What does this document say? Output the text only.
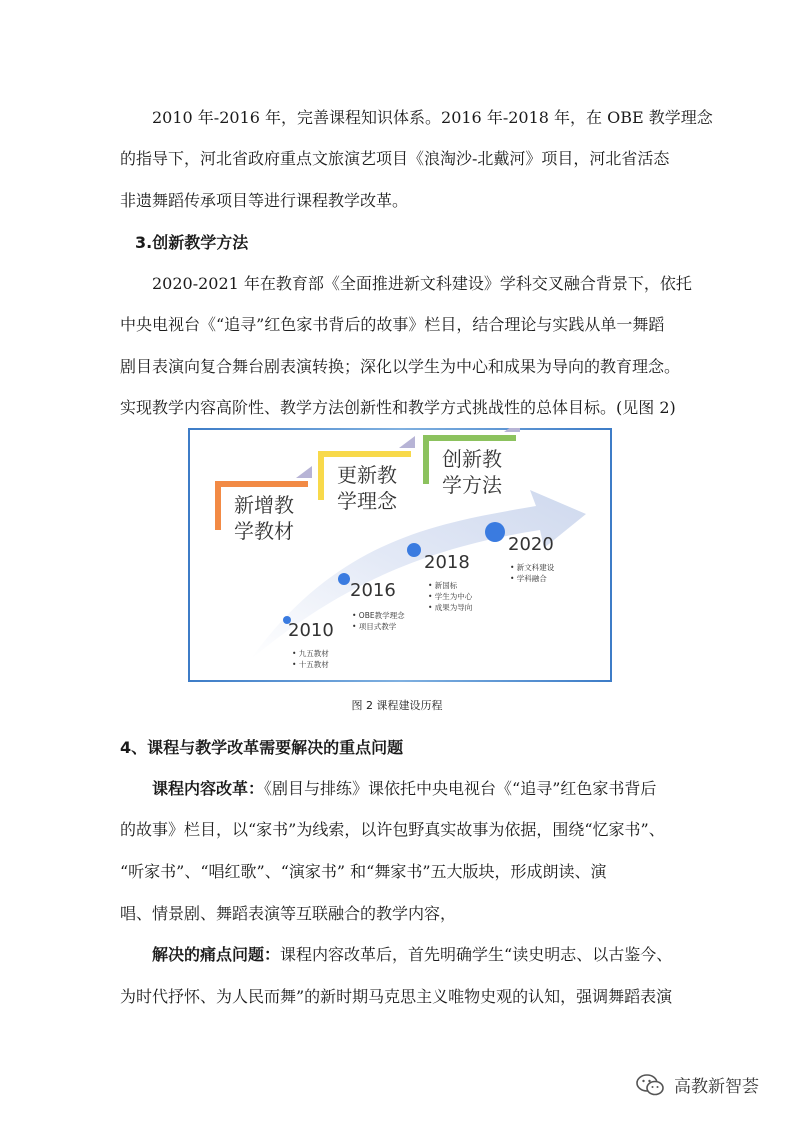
2010 年-2016 年，完善课程知识体系。2016 年-2018 年，在 OBE 教学理念
的指导下，河北省政府重点文旅演艺项目《浪淘沙-北戴河》项目，河北省活态
非遗舞蹈传承项目等进行课程教学改革。
3.创新教学方法
2020-2021 年在教育部《全面推进新文科建设》学科交叉融合背景下，依托
中央电视台《“追寻”红色家书背后的故事》栏目，结合理论与实践从单一舞蹈
剧目表演向复合舞台剧表演转换；深化以学生为中心和成果为导向的教育理念。
实现教学内容高阶性、教学方法创新性和教学方式挑战性的总体目标。(见图 2)
新增教
学教材
更新教
学理念
创新教
学方法
2010
• 九五教材
• 十五教材
2016
• OBE教学理念
• 项目式教学
2018
• 新国标
• 学生为中心
• 成果为导向
2020
• 新文科建设
• 学科融合
图 2 课程建设历程
4、课程与教学改革需要解决的重点问题
课程内容改革：《剧目与排练》课依托中央电视台《“追寻”红色家书背后
的故事》栏目，以“家书”为线索，以许包野真实故事为依据，围绕“忆家书”、
“听家书”、“唱红歌”、“演家书” 和“舞家书”五大版块，形成朗读、演
唱、情景剧、舞蹈表演等互联融合的教学内容，
解决的痛点问题：课程内容改革后，首先明确学生“读史明志、以古鉴今、
为时代抒怀、为人民而舞”的新时期马克思主义唯物史观的认知，强调舞蹈表演
高教新智荟
